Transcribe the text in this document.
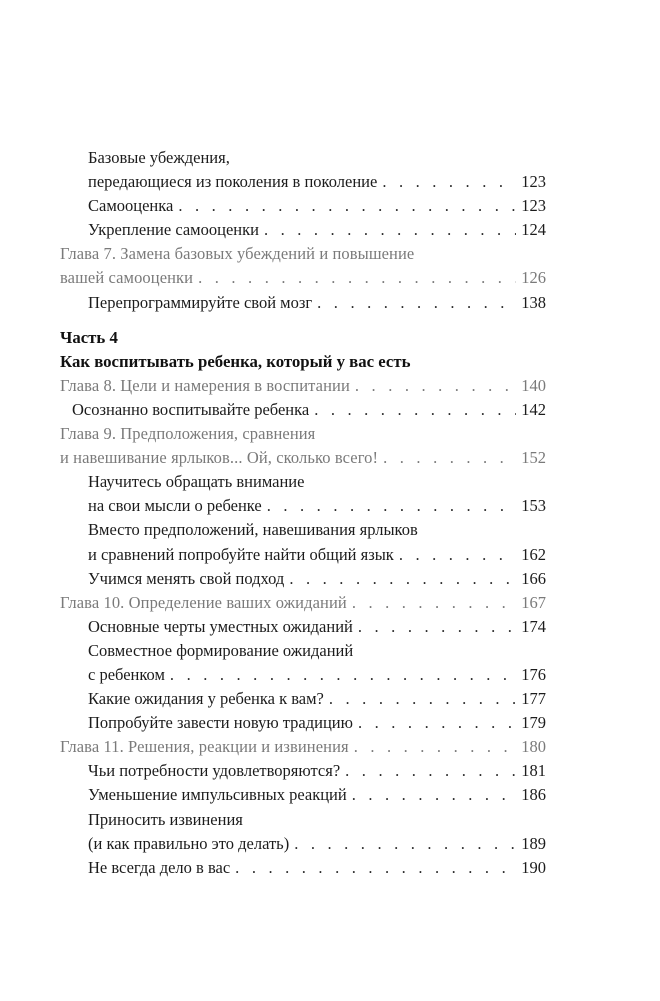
Базовые убеждения,
передающиеся из поколения в поколение . . .	123
Самооценка . . .	123
Укрепление самооценки . . .	124
Глава 7. Замена базовых убеждений и повышение
вашей самооценки . . .	126
Перепрограммируйте свой мозг . . .	138
Часть 4
Как воспитывать ребенка, который у вас есть
Глава 8. Цели и намерения в воспитании . . .	140
Осознанно воспитывайте ребенка . . .	142
Глава 9. Предположения, сравнения
и навешивание ярлыков... Ой, сколько всего! . . .	152
Научитесь обращать внимание
на свои мысли о ребенке . . .	153
Вместо предположений, навешивания ярлыков
и сравнений попробуйте найти общий язык . . .	162
Учимся менять свой подход . . .	166
Глава 10. Определение ваших ожиданий . . .	167
Основные черты уместных ожиданий . . .	174
Совместное формирование ожиданий
с ребенком . . .	176
Какие ожидания у ребенка к вам? . . .	177
Попробуйте завести новую традицию . . .	179
Глава 11. Решения, реакции и извинения . . .	180
Чьи потребности удовлетворяются? . . .	181
Уменьшение импульсивных реакций . . .	186
Приносить извинения
(и как правильно это делать) . . .	189
Не всегда дело в вас . . .	190
